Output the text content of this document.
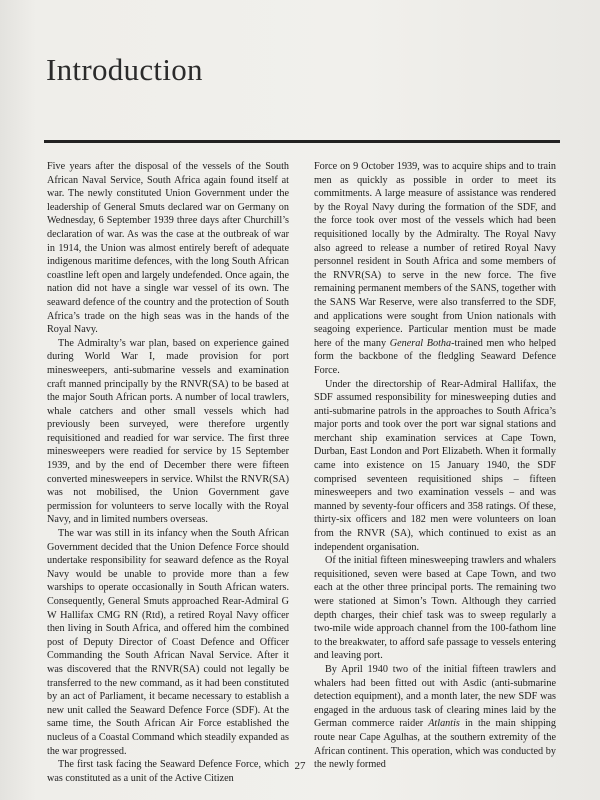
Introduction

Five years after the disposal of the vessels of the South African Naval Service, South Africa again found itself at war. The newly constituted Union Government under the leadership of General Smuts declared war on Germany on Wednesday, 6 September 1939 three days after Churchill’s declaration of war. As was the case at the outbreak of war in 1914, the Union was almost entirely bereft of adequate indigenous maritime defences, with the long South African coastline left open and largely undefended. Once again, the nation did not have a single war vessel of its own. The seaward defence of the country and the protection of South Africa’s trade on the high seas was in the hands of the Royal Navy.

The Admiralty’s war plan, based on experience gained during World War I, made provision for port minesweepers, anti-submarine vessels and examination craft manned principally by the RNVR(SA) to be based at the major South African ports. A number of local trawlers, whale catchers and other small vessels which had previously been surveyed, were therefore urgently requisitioned and readied for war service. The first three minesweepers were readied for service by 15 September 1939, and by the end of December there were fifteen converted minesweepers in service. Whilst the RNVR(SA) was not mobilised, the Union Government gave permission for volunteers to serve locally with the Royal Navy, and in limited numbers overseas.

The war was still in its infancy when the South African Government decided that the Union Defence Force should undertake responsibility for seaward defence as the Royal Navy would be unable to provide more than a few warships to operate occasionally in South African waters. Consequently, General Smuts approached Rear-Admiral G W Hallifax CMG RN (Rtd), a retired Royal Navy officer then living in South Africa, and offered him the combined post of Deputy Director of Coast Defence and Officer Commanding the South African Naval Service. After it was discovered that the RNVR(SA) could not legally be transferred to the new command, as it had been constituted by an act of Parliament, it became necessary to establish a new unit called the Seaward Defence Force (SDF). At the same time, the South African Air Force established the nucleus of a Coastal Command which steadily expanded as the war progressed.

The first task facing the Seaward Defence Force, which was constituted as a unit of the Active Citizen

Force on 9 October 1939, was to acquire ships and to train men as quickly as possible in order to meet its commitments. A large measure of assistance was rendered by the Royal Navy during the formation of the SDF, and the force took over most of the vessels which had been requisitioned locally by the Admiralty. The Royal Navy also agreed to release a number of retired Royal Navy personnel resident in South Africa and some members of the RNVR(SA) to serve in the new force. The five remaining permanent members of the SANS, together with the SANS War Reserve, were also transferred to the SDF, and applications were sought from Union nationals with seagoing experience. Particular mention must be made here of the many General Botha-trained men who helped form the backbone of the fledgling Seaward Defence Force.

Under the directorship of Rear-Admiral Hallifax, the SDF assumed responsibility for minesweeping duties and anti-submarine patrols in the approaches to South Africa’s major ports and took over the port war signal stations and merchant ship examination services at Cape Town, Durban, East London and Port Elizabeth. When it formally came into existence on 15 January 1940, the SDF comprised seventeen requisitioned ships – fifteen minesweepers and two examination vessels – and was manned by seventy-four officers and 358 ratings. Of these, thirty-six officers and 182 men were volunteers on loan from the RNVR (SA), which continued to exist as an independent organisation.

Of the initial fifteen minesweeping trawlers and whalers requisitioned, seven were based at Cape Town, and two each at the other three principal ports. The remaining two were stationed at Simon’s Town. Although they carried depth charges, their chief task was to sweep regularly a two-mile wide approach channel from the 100-fathom line to the breakwater, to afford safe passage to vessels entering and leaving port.

By April 1940 two of the initial fifteen trawlers and whalers had been fitted out with Asdic (anti-submarine detection equipment), and a month later, the new SDF was engaged in the arduous task of clearing mines laid by the German commerce raider Atlantis in the main shipping route near Cape Agulhas, at the southern extremity of the African continent. This operation, which was conducted by the newly formed

27
